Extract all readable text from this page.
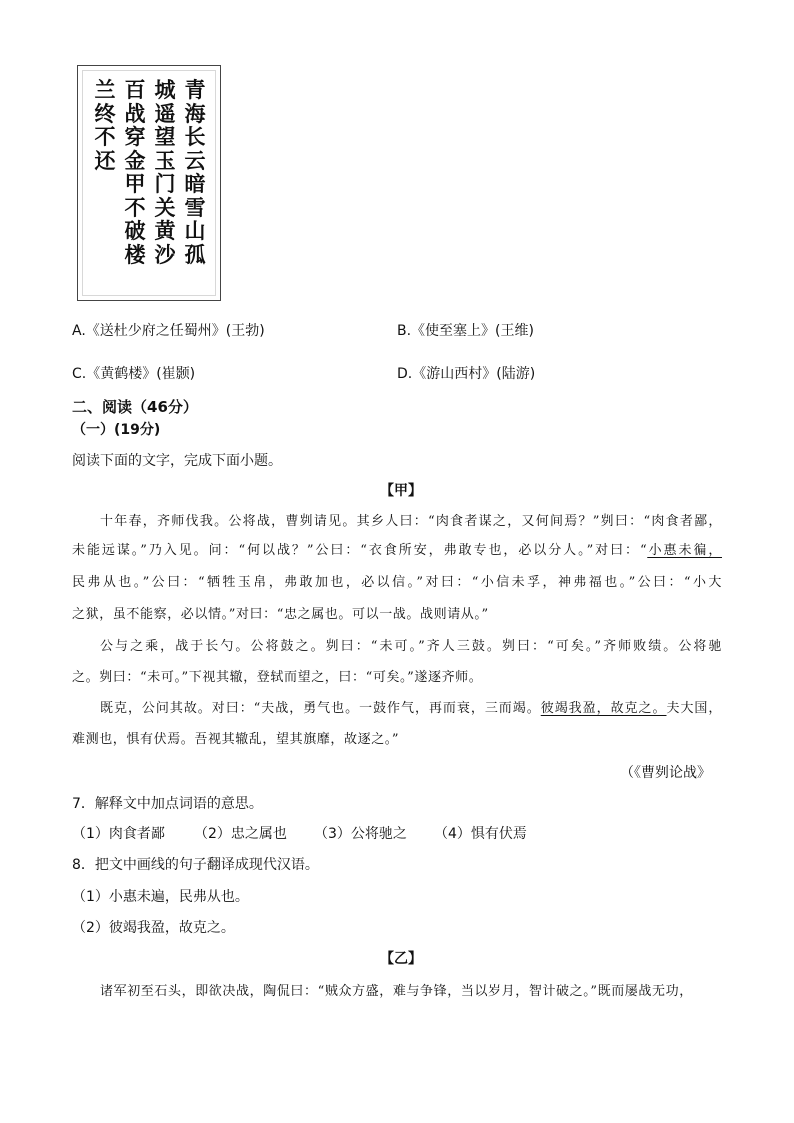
青
海
长
云
暗
雪
山
孤
城
遥
望
玉
门
关
黄
沙
百
战
穿
金
甲
不
破
楼
兰
终
不
还
A.《送杜少府之任蜀州》(王勃)	B.《使至塞上》(王维)
C.《黄鹤楼》(崔颢)	D.《游山西村》(陆游)
二、阅读（46分）
（一）(19分)
阅读下面的文字，完成下面小题。
【甲】
十年春，齐师伐我。公将战，曹刿请见。其乡人曰：“肉食者谋之，又何间焉？”刿曰：“肉食者鄙，
未能远谋。”乃入见。问：“何以战？”公曰：“衣食所安，弗敢专也，必以分人。”对曰：“小惠未徧，
民弗从也。”公曰：“牺牲玉帛，弗敢加也，必以信。”对曰：“小信未孚，神弗福也。”公曰：“小大
之狱，虽不能察，必以情。”对曰：“忠之属也。可以一战。战则请从。”
公与之乘，战于长勺。公将鼓之。刿曰：“未可。”齐人三鼓。刿曰：“可矣。”齐师败绩。公将驰
之。刿曰：“未可。”下视其辙，登轼而望之，曰：“可矣。”遂逐齐师。
既克，公问其故。对曰：“夫战，勇气也。一鼓作气，再而衰，三而竭。彼竭我盈，故克之。夫大国，
难测也，惧有伏焉。吾视其辙乱，望其旗靡，故逐之。”
（《曹刿论战》
7．解释文中加点词语的意思。
（1）肉食者鄙 （2）忠之属也 （3）公将驰之 （4）惧有伏焉
8．把文中画线的句子翻译成现代汉语。
（1）小惠未遍，民弗从也。
（2）彼竭我盈，故克之。
【乙】
诸军初至石头，即欲决战，陶侃曰：“贼众方盛，难与争锋，当以岁月，智计破之。”既而屡战无功，
